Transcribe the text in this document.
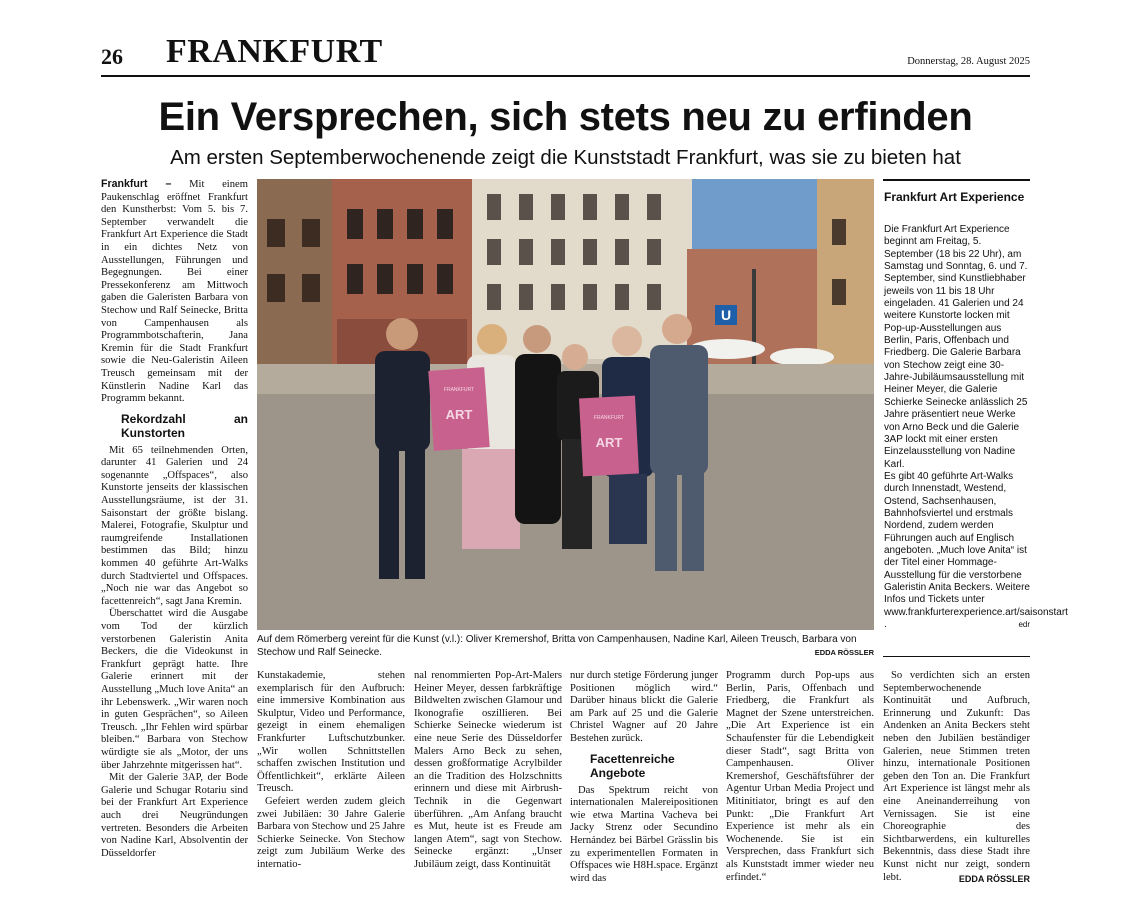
26 FRANKFURT	Donnerstag, 28. August 2025
Ein Versprechen, sich stets neu zu erfinden
Am ersten Septemberwochenende zeigt die Kunststadt Frankfurt, was sie zu bieten hat

Frankfurt – Mit einem Paukenschlag eröffnet Frankfurt den Kunstherbst: Vom 5. bis 7. September verwandelt die Frankfurt Art Experience die Stadt in ein dichtes Netz von Ausstellungen, Führungen und Begegnungen. Bei einer Pressekonferenz am Mittwoch gaben die Galeristen Barbara von Stechow und Ralf Seinecke, Britta von Campenhausen als Programmbotschafterin, Jana Kremin für die Stadt Frankfurt sowie die Neu-Galeristin Aileen Treusch gemeinsam mit der Künstlerin Nadine Karl das Programm bekannt.

Rekordzahl an Kunstorten

Mit 65 teilnehmenden Orten, darunter 41 Galerien und 24 sogenannte „Offspaces“, also Kunstorte jenseits der klassischen Ausstellungsräume, ist der 31. Saisonstart der größte bislang. Malerei, Fotografie, Skulptur und raumgreifende Installationen bestimmen das Bild; hinzu kommen 40 geführte Art-Walks durch Stadtviertel und Offspaces. „Noch nie war das Angebot so facettenreich“, sagt Jana Kremin.

Überschattet wird die Ausgabe vom Tod der kürzlich verstorbenen Galeristin Anita Beckers, die die Videokunst in Frankfurt geprägt hatte. Ihre Galerie erinnert mit der Ausstellung „Much love Anita“ an ihr Lebenswerk. „Wir waren noch in guten Gesprächen“, so Aileen Treusch. „Ihr Fehlen wird spürbar bleiben.“ Barbara von Stechow würdigte sie als „Motor, der uns über Jahrzehnte mitgerissen hat“.

Mit der Galerie 3AP, der Bode Galerie und Schugar Rotariu sind bei der Frankfurt Art Experience auch drei Neugründungen vertreten. Besonders die Arbeiten von Nadine Karl, Absolventin der Düsseldorfer

U
FRANKFURT
ART	FRANKFURT
ART
Auf dem Römerberg vereint für die Kunst (v.l.): Oliver Kremershof, Britta von Campenhausen, Nadine Karl, Aileen Treusch, Barbara von Stechow und Ralf Seinecke.	EDDA RÖSSLER
Frankfurt Art Experience
Die Frankfurt Art Experience beginnt am Freitag, 5. September (18 bis 22 Uhr), am Samstag und Sonntag, 6. und 7. September, sind Kunstliebhaber jeweils von 11 bis 18 Uhr eingeladen. 41 Galerien und 24 weitere Kunstorte locken mit Pop-up-Ausstellungen aus Berlin, Paris, Offenbach und Friedberg. Die Galerie Barbara von Stechow zeigt eine 30-Jahre-Jubiläumsausstellung mit Heiner Meyer, die Galerie Schierke Seinecke anlässlich 25 Jahre präsentiert neue Werke von Arno Beck und die Galerie 3AP lockt mit einer ersten Einzelausstellung von Nadine Karl.
Es gibt 40 geführte Art-Walks durch Innenstadt, Westend, Ostend, Sachsenhausen, Bahnhofsviertel und erstmals Nordend, zudem werden Führungen auch auf Englisch angeboten. „Much love Anita“ ist der Titel einer Hommage-Ausstellung für die verstorbene Galeristin Anita Beckers. Weitere Infos und Tickets unter www.frankfurterexperience.art/saisonstart .	edr

Kunstakademie, stehen exemplarisch für den Aufbruch: eine immersive Kombination aus Skulptur, Video und Performance, gezeigt in einem ehemaligen Frankfurter Luftschutzbunker. „Wir wollen Schnittstellen schaffen zwischen Institution und Öffentlichkeit“, erklärte Aileen Treusch.

Gefeiert werden zudem gleich zwei Jubiläen: 30 Jahre Galerie Barbara von Stechow und 25 Jahre Schierke Seinecke. Von Stechow zeigt zum Jubiläum Werke des internatio-

nal renommierten Pop-Art-Malers Heiner Meyer, dessen farbkräftige Bildwelten zwischen Glamour und Ikonografie oszillieren. Bei Schierke Seinecke wiederum ist eine neue Serie des Düsseldorfer Malers Arno Beck zu sehen, dessen großformatige Acrylbilder an die Tradition des Holzschnitts erinnern und diese mit Airbrush-Technik in die Gegenwart überführen. „Am Anfang braucht es Mut, heute ist es Freude am langen Atem“, sagt von Stechow. Seinecke ergänzt: „Unser Jubiläum zeigt, dass Kontinuität

nur durch stetige Förderung junger Positionen möglich wird.“ Darüber hinaus blickt die Galerie am Park auf 25 und die Galerie Christel Wagner auf 20 Jahre Bestehen zurück.

Facettenreiche Angebote

Das Spektrum reicht von internationalen Malereipositionen wie etwa Martina Vacheva bei Jacky Strenz oder Secundino Hernández bei Bärbel Grässlin bis zu experimentellen Formaten in Offspaces wie H8H.space. Ergänzt wird das

Programm durch Pop-ups aus Berlin, Paris, Offenbach und Friedberg, die Frankfurt als Magnet der Szene unterstreichen. „Die Art Experience ist ein Schaufenster für die Lebendigkeit dieser Stadt“, sagt Britta von Campenhausen. Oliver Kremershof, Geschäftsführer der Agentur Urban Media Project und Mitinitiator, bringt es auf den Punkt: „Die Frankfurt Art Experience ist mehr als ein Wochenende. Sie ist ein Versprechen, dass Frankfurt sich als Kunststadt immer wieder neu erfindet.“

So verdichten sich an ersten Septemberwochenende Kontinuität und Aufbruch, Erinnerung und Zukunft: Das Andenken an Anita Beckers steht neben den Jubiläen beständiger Galerien, neue Stimmen treten hinzu, internationale Positionen geben den Ton an. Die Frankfurt Art Experience ist längst mehr als eine Aneinanderreihung von Vernissagen. Sie ist eine Choreographie des Sichtbarwerdens, ein kulturelles Bekenntnis, dass diese Stadt ihre Kunst nicht nur zeigt, sondern lebt.	EDDA RÖSSLER
